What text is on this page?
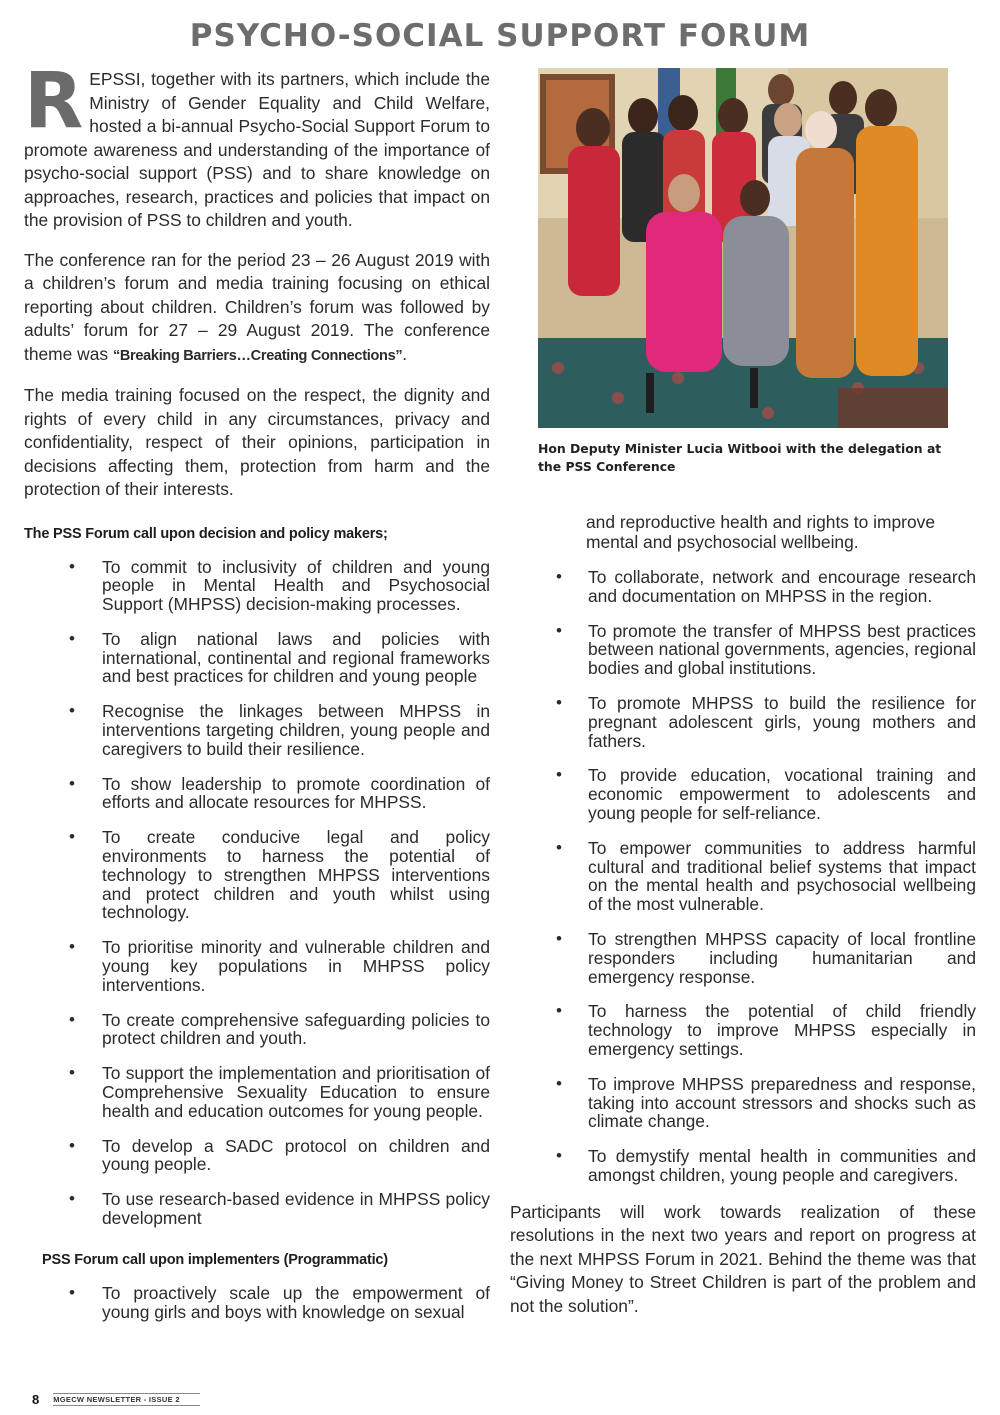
PSYCHO-SOCIAL SUPPORT FORUM

R EPSSI, together with its partners, which include the Ministry of Gender Equality and Child Welfare, hosted a bi-annual Psycho-Social Support Forum to promote awareness and understanding of the importance of psycho-social support (PSS) and to share knowledge on approaches, research, practices and policies that impact on the provision of PSS to children and youth.

The conference ran for the period 23 – 26 August 2019 with a children’s forum and media training focusing on ethical reporting about children. Children’s forum was followed by adults’ forum for 27 – 29 August 2019. The conference theme was “Breaking Barriers…Creating Connections”.

The media training focused on the respect, the dignity and rights of every child in any circumstances, privacy and confidentiality, respect of their opinions, participation in decisions affecting them, protection from harm and the protection of their interests.

The PSS Forum call upon decision and policy makers;
• To commit to inclusivity of children and young people in Mental Health and Psychosocial Support (MHPSS) decision-making processes.
• To align national laws and policies with international, continental and regional frameworks and best practices for children and young people
• Recognise the linkages between MHPSS in interventions targeting children, young people and caregivers to build their resilience.
• To show leadership to promote coordination of efforts and allocate resources for MHPSS.
• To create conducive legal and policy environments to harness the potential of technology to strengthen MHPSS interventions and protect children and youth whilst using technology.
• To prioritise minority and vulnerable children and young key populations in MHPSS policy interventions.
• To create comprehensive safeguarding policies to protect children and youth.
• To support the implementation and prioritisation of Comprehensive Sexuality Education to ensure health and education outcomes for young people.
• To develop a SADC protocol on children and young people.
• To use research-based evidence in MHPSS policy development
PSS Forum call upon implementers (Programmatic)
• To proactively scale up the empowerment of young girls and boys with knowledge on sexual
Hon Deputy Minister Lucia Witbooi with the delegation at the PSS Conference
and reproductive health and rights to improve mental and psychosocial wellbeing.
• To collaborate, network and encourage research and documentation on MHPSS in the region.
• To promote the transfer of MHPSS best practices between national governments, agencies, regional bodies and global institutions.
• To promote MHPSS to build the resilience for pregnant adolescent girls, young mothers and fathers.
• To provide education, vocational training and economic empowerment to adolescents and young people for self-reliance.
• To empower communities to address harmful cultural and traditional belief systems that impact on the mental health and psychosocial wellbeing of the most vulnerable.
• To strengthen MHPSS capacity of local frontline responders including humanitarian and emergency response.
• To harness the potential of child friendly technology to improve MHPSS especially in emergency settings.
• To improve MHPSS preparedness and response, taking into account stressors and shocks such as climate change.
• To demystify mental health in communities and amongst children, young people and caregivers.

Participants will work towards realization of these resolutions in the next two years and report on progress at the next MHPSS Forum in 2021. Behind the theme was that “Giving Money to Street Children is part of the problem and not the solution”.

8 MGECW NEWSLETTER - ISSUE 2
